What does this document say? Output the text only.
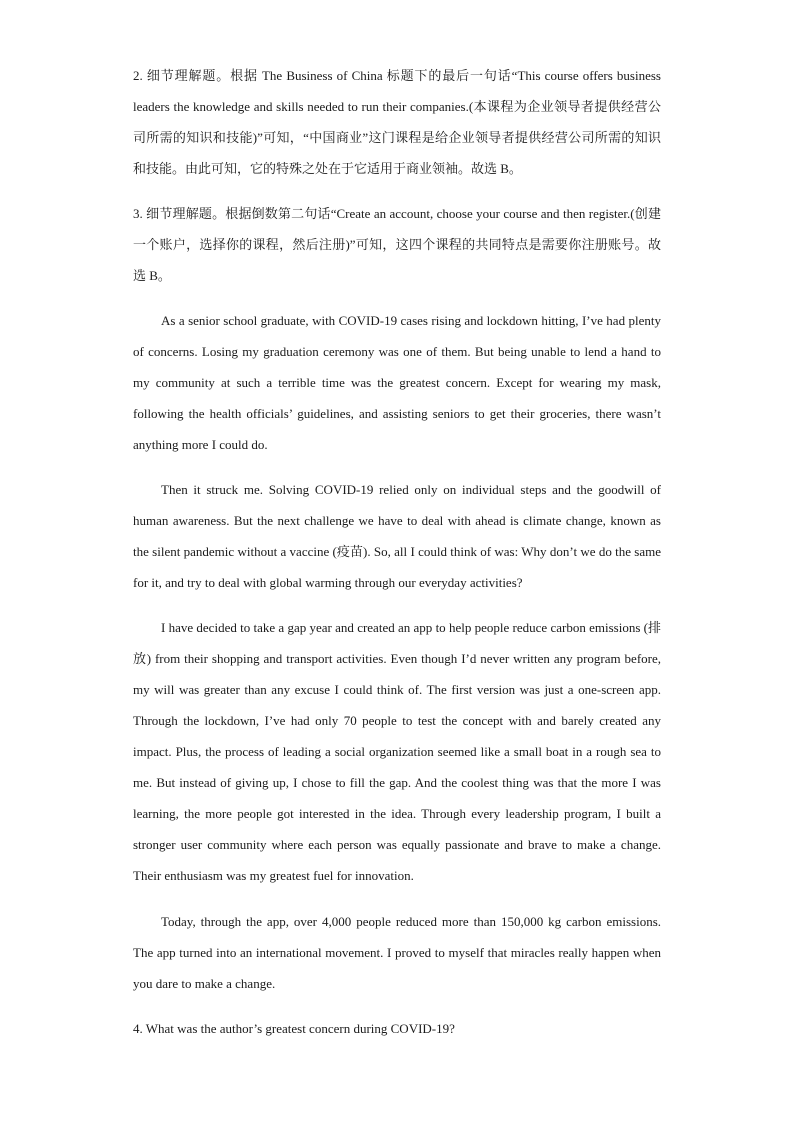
2. 细节理解题。根据 The Business of China 标题下的最后一句话“This course offers business leaders the knowledge and skills needed to run their companies.(本课程为企业领导者提供经营公司所需的知识和技能)”可知，“中国商业”这门课程是给企业领导者提供经营公司所需的知识和技能。由此可知，它的特殊之处在于它适用于商业领袖。故选 B。

3. 细节理解题。根据倒数第二句话“Create an account, choose your course and then register.(创建一个账户，选择你的课程，然后注册)”可知，这四个课程的共同特点是需要你注册账号。故选 B。

As a senior school graduate, with COVID-19 cases rising and lockdown hitting, I’ve had plenty of concerns. Losing my graduation ceremony was one of them. But being unable to lend a hand to my community at such a terrible time was the greatest concern. Except for wearing my mask, following the health officials’ guidelines, and assisting seniors to get their groceries, there wasn’t anything more I could do.

Then it struck me. Solving COVID-19 relied only on individual steps and the goodwill of human awareness. But the next challenge we have to deal with ahead is climate change, known as the silent pandemic without a vaccine (疫苗). So, all I could think of was: Why don’t we do the same for it, and try to deal with global warming through our everyday activities?

I have decided to take a gap year and created an app to help people reduce carbon emissions (排放) from their shopping and transport activities. Even though I’d never written any program before, my will was greater than any excuse I could think of. The first version was just a one-screen app. Through the lockdown, I’ve had only 70 people to test the concept with and barely created any impact. Plus, the process of leading a social organization seemed like a small boat in a rough sea to me. But instead of giving up, I chose to fill the gap. And the coolest thing was that the more I was learning, the more people got interested in the idea. Through every leadership program, I built a stronger user community where each person was equally passionate and brave to make a change. Their enthusiasm was my greatest fuel for innovation.

Today, through the app, over 4,000 people reduced more than 150,000 kg carbon emissions. The app turned into an international movement. I proved to myself that miracles really happen when you dare to make a change.

4. What was the author’s greatest concern during COVID-19?
